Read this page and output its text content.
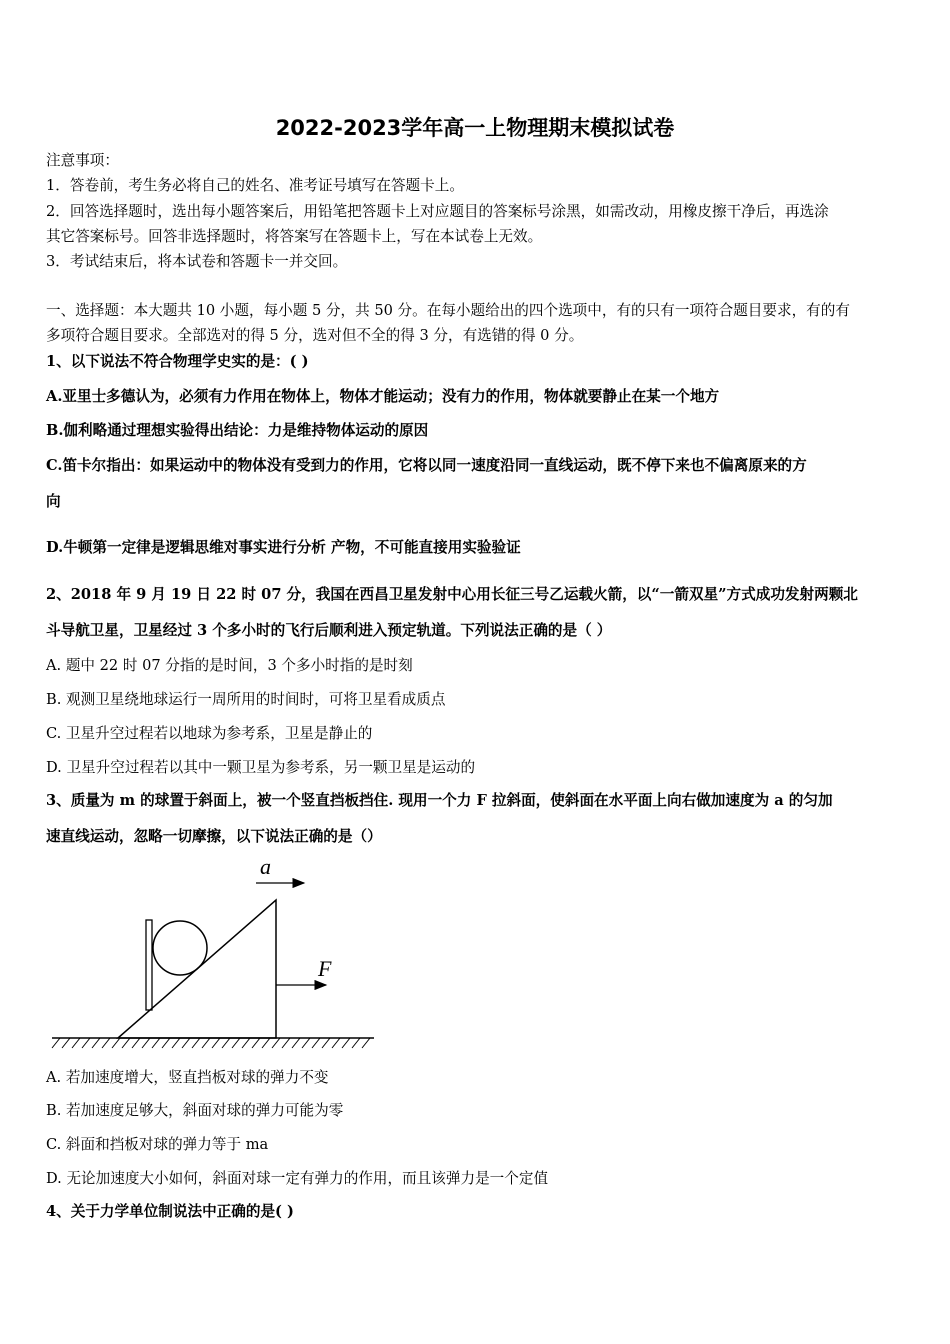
2022-2023学年高一上物理期末模拟试卷
注意事项：
1．答卷前，考生务必将自己的姓名、准考证号填写在答题卡上。
2．回答选择题时，选出每小题答案后，用铅笔把答题卡上对应题目的答案标号涂黑，如需改动，用橡皮擦干净后，再选涂
其它答案标号。回答非选择题时，将答案写在答题卡上，写在本试卷上无效。
3．考试结束后，将本试卷和答题卡一并交回。
一、选择题：本大题共 10 小题，每小题 5 分，共 50 分。在每小题给出的四个选项中，有的只有一项符合题目要求，有的有
多项符合题目要求。全部选对的得 5 分，选对但不全的得 3 分，有选错的得 0 分。
1、以下说法不符合物理学史实的是：( )
A.亚里士多德认为，必须有力作用在物体上，物体才能运动；没有力的作用，物体就要静止在某一个地方
B.伽利略通过理想实验得出结论：力是维持物体运动的原因
C.笛卡尔指出：如果运动中的物体没有受到力的作用，它将以同一速度沿同一直线运动，既不停下来也不偏离原来的方
向
D.牛顿第一定律是逻辑思维对事实进行分析 产物，不可能直接用实验验证
2、2018 年 9 月 19 日 22 时 07 分，我国在西昌卫星发射中心用长征三号乙运载火箭，以“一箭双星”方式成功发射两颗北
斗导航卫星，卫星经过 3 个多小时的飞行后顺利进入预定轨道。下列说法正确的是（ ）
A. 题中 22 时 07 分指的是时间，3 个多小时指的是时刻
B. 观测卫星绕地球运行一周所用的时间时，可将卫星看成质点
C. 卫星升空过程若以地球为参考系，卫星是静止的
D. 卫星升空过程若以其中一颗卫星为参考系，另一颗卫星是运动的
3、质量为 m 的球置于斜面上，被一个竖直挡板挡住. 现用一个力 F 拉斜面，使斜面在水平面上向右做加速度为 a 的匀加
速直线运动，忽略一切摩擦，以下说法正确的是（）
a
F
A. 若加速度增大，竖直挡板对球的弹力不变
B. 若加速度足够大，斜面对球的弹力可能为零
C. 斜面和挡板对球的弹力等于 ma
D. 无论加速度大小如何，斜面对球一定有弹力的作用，而且该弹力是一个定值
4、关于力学单位制说法中正确的是( )
